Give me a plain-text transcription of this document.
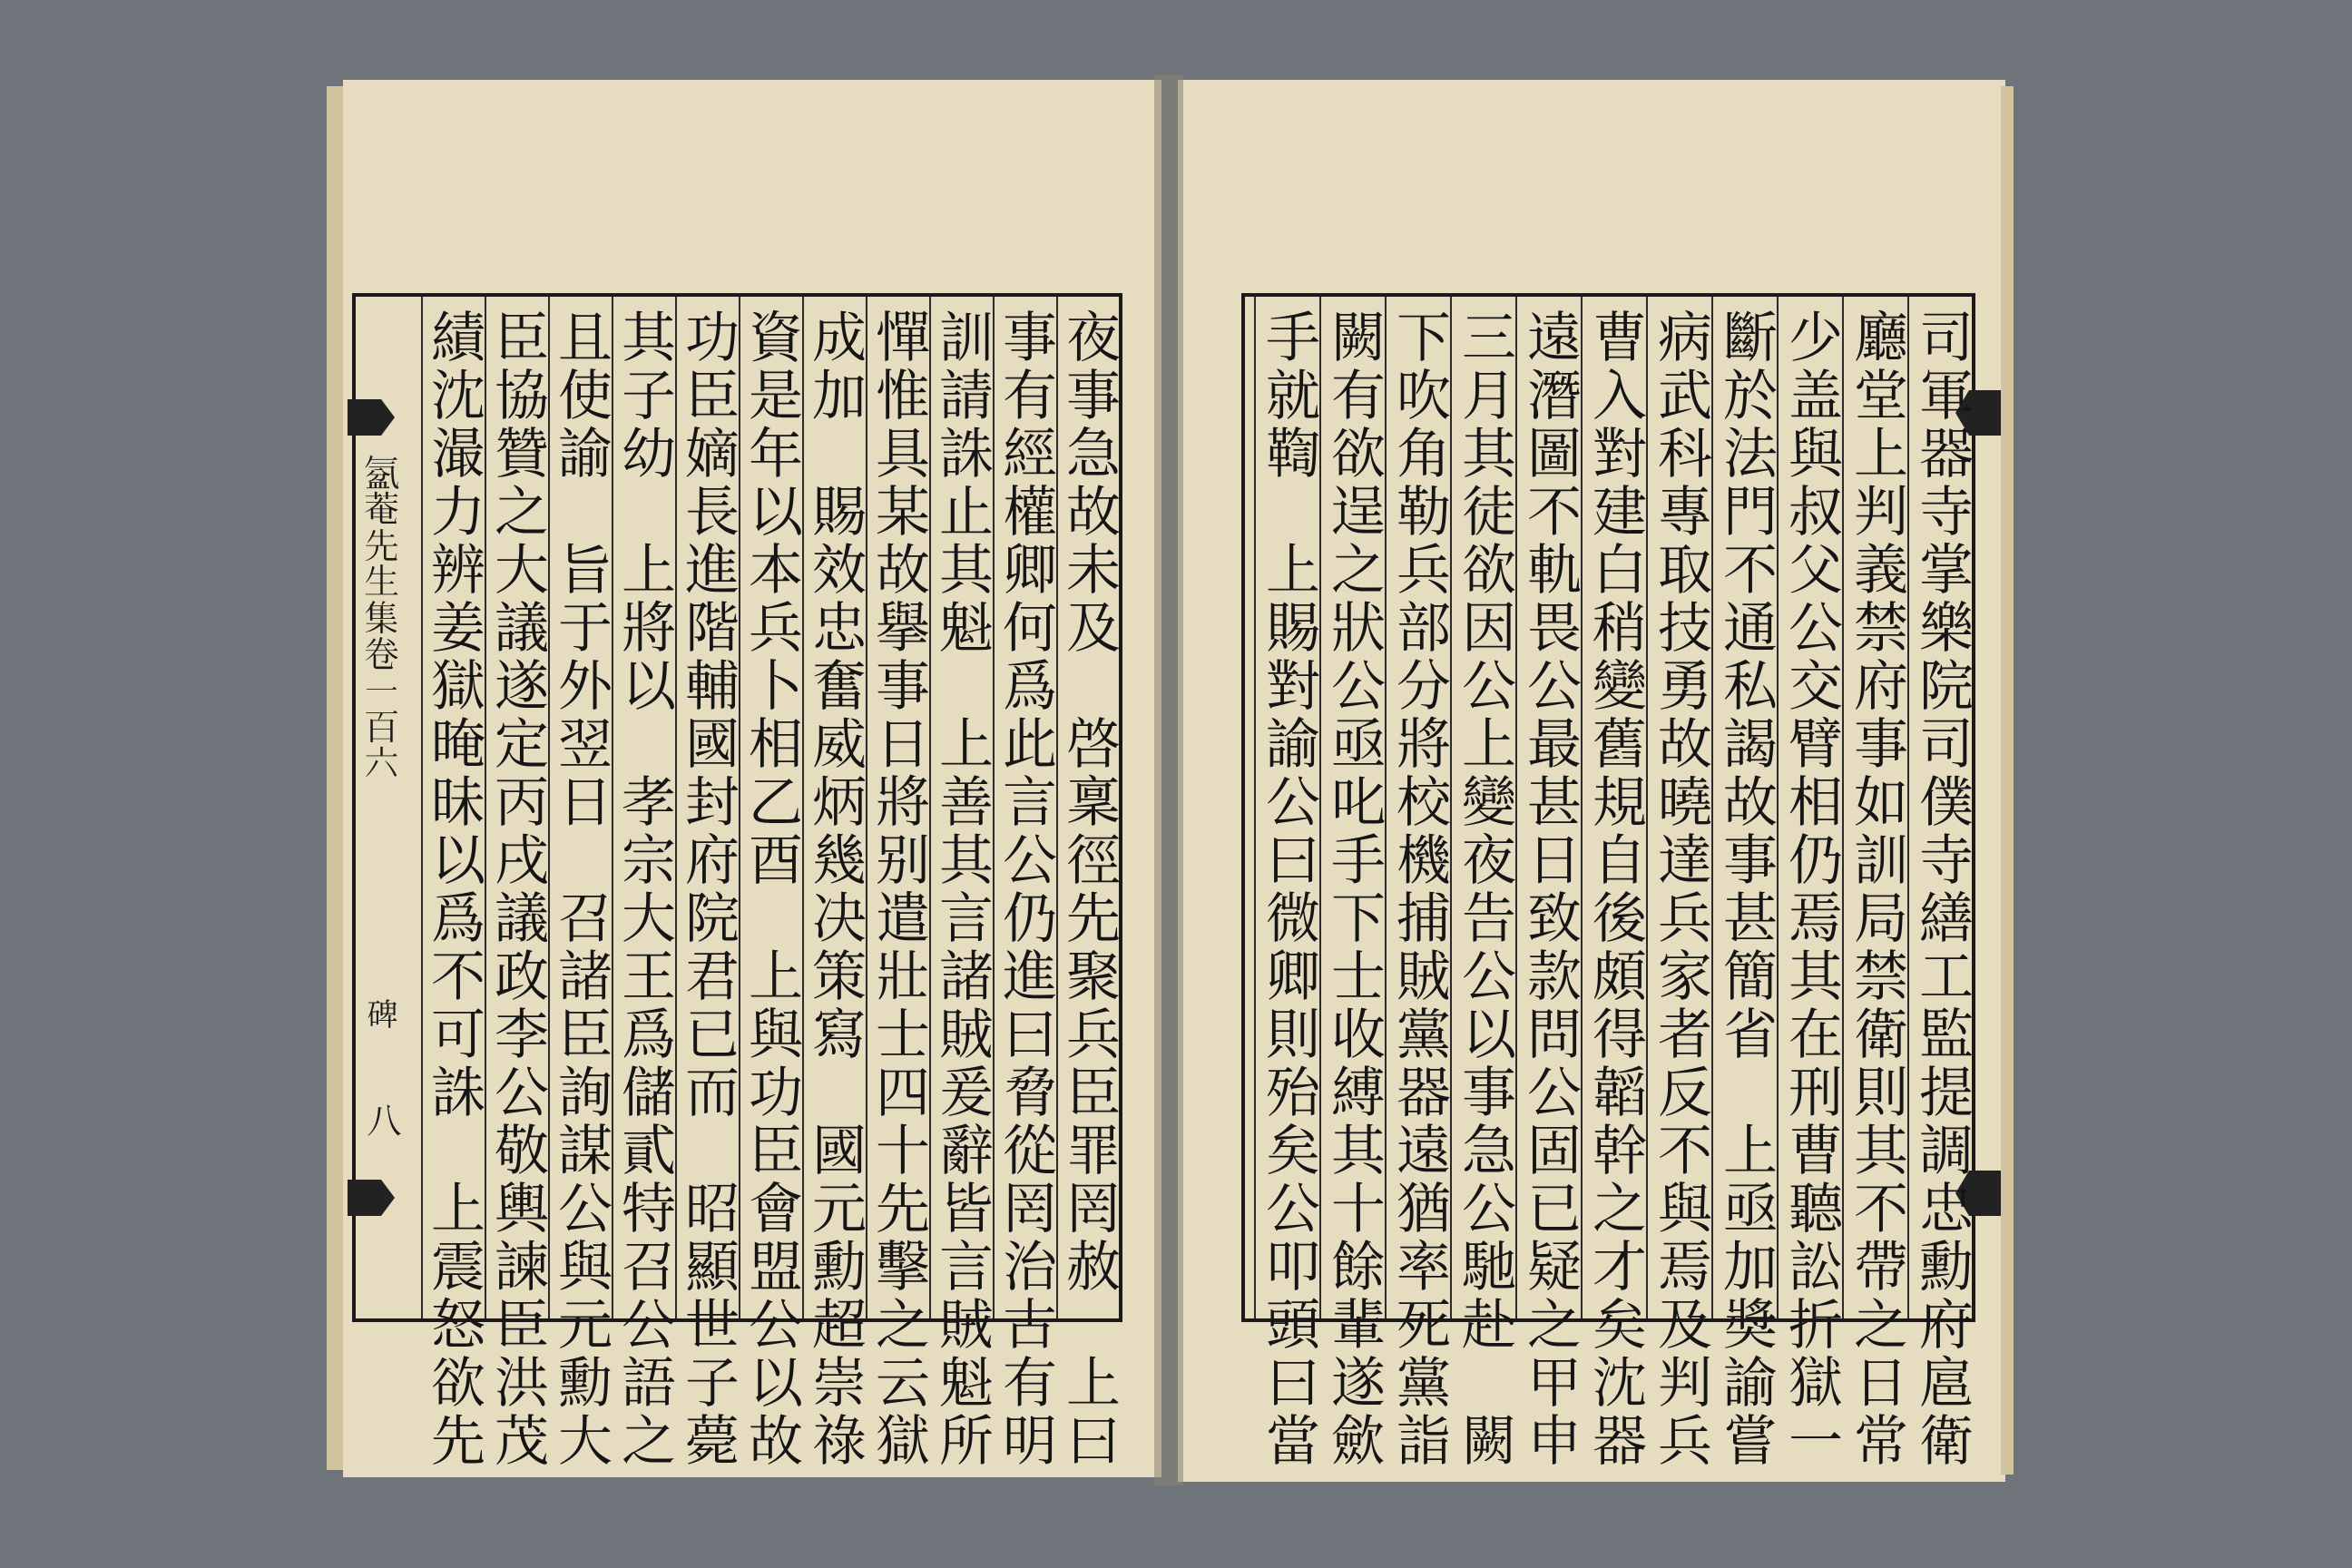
𣱦菴先生集卷一百六
碑
八	夜事急故未及　啓稟徑先聚兵臣罪罔赦　上曰
事有經權卿何爲此言公仍進曰脅從罔治古有明
訓請誅止其魁　上善其言諸賊爰辭皆言賊魁所
憚惟具某故擧事日將别遣壯士四十先擊之云獄
成加　賜效忠奮威炳幾决策寫　國元勳超崇祿
資是年以本兵卜相乙酉　上與功臣會盟公以故
功臣嫡長進階輔國封府院君已而　昭顯世子薨
其子幼　上將以　孝宗大王爲儲貳特召公語之
且使諭　旨于外翌日　召諸臣詢謀公與元勳大
臣協贊之大議遂定丙戌議政李公敬輿諫臣洪茂
績沈㵊力辨姜獄晻昧以爲不可誅　上震怒欲先	司軍器寺掌樂院司僕寺繕工監提調忠勳府扈衛
廳堂上判義禁府事如訓局禁衛則其不帶之日常
少盖與叔父公交臂相仍焉其在刑曹聽訟折獄一
斷於法門不通私謁故事甚簡省　上亟加奬諭嘗
病武科專取技勇故曉達兵家者反不與焉及判兵
曹入對建白稍變舊規自後頗得韜幹之才矣沈器
遠潛圖不軌畏公最甚日致款問公固已疑之甲申
三月其徒欲因公上變夜告公以事急公馳赴　闕
下吹角勒兵部分將校機捕賊黨器遠猶率死黨詣
闕有欲逞之狀公亟叱手下士收縛其十餘輩遂歛
手就鞫　上賜對諭公曰微卿則殆矣公叩頭曰當
